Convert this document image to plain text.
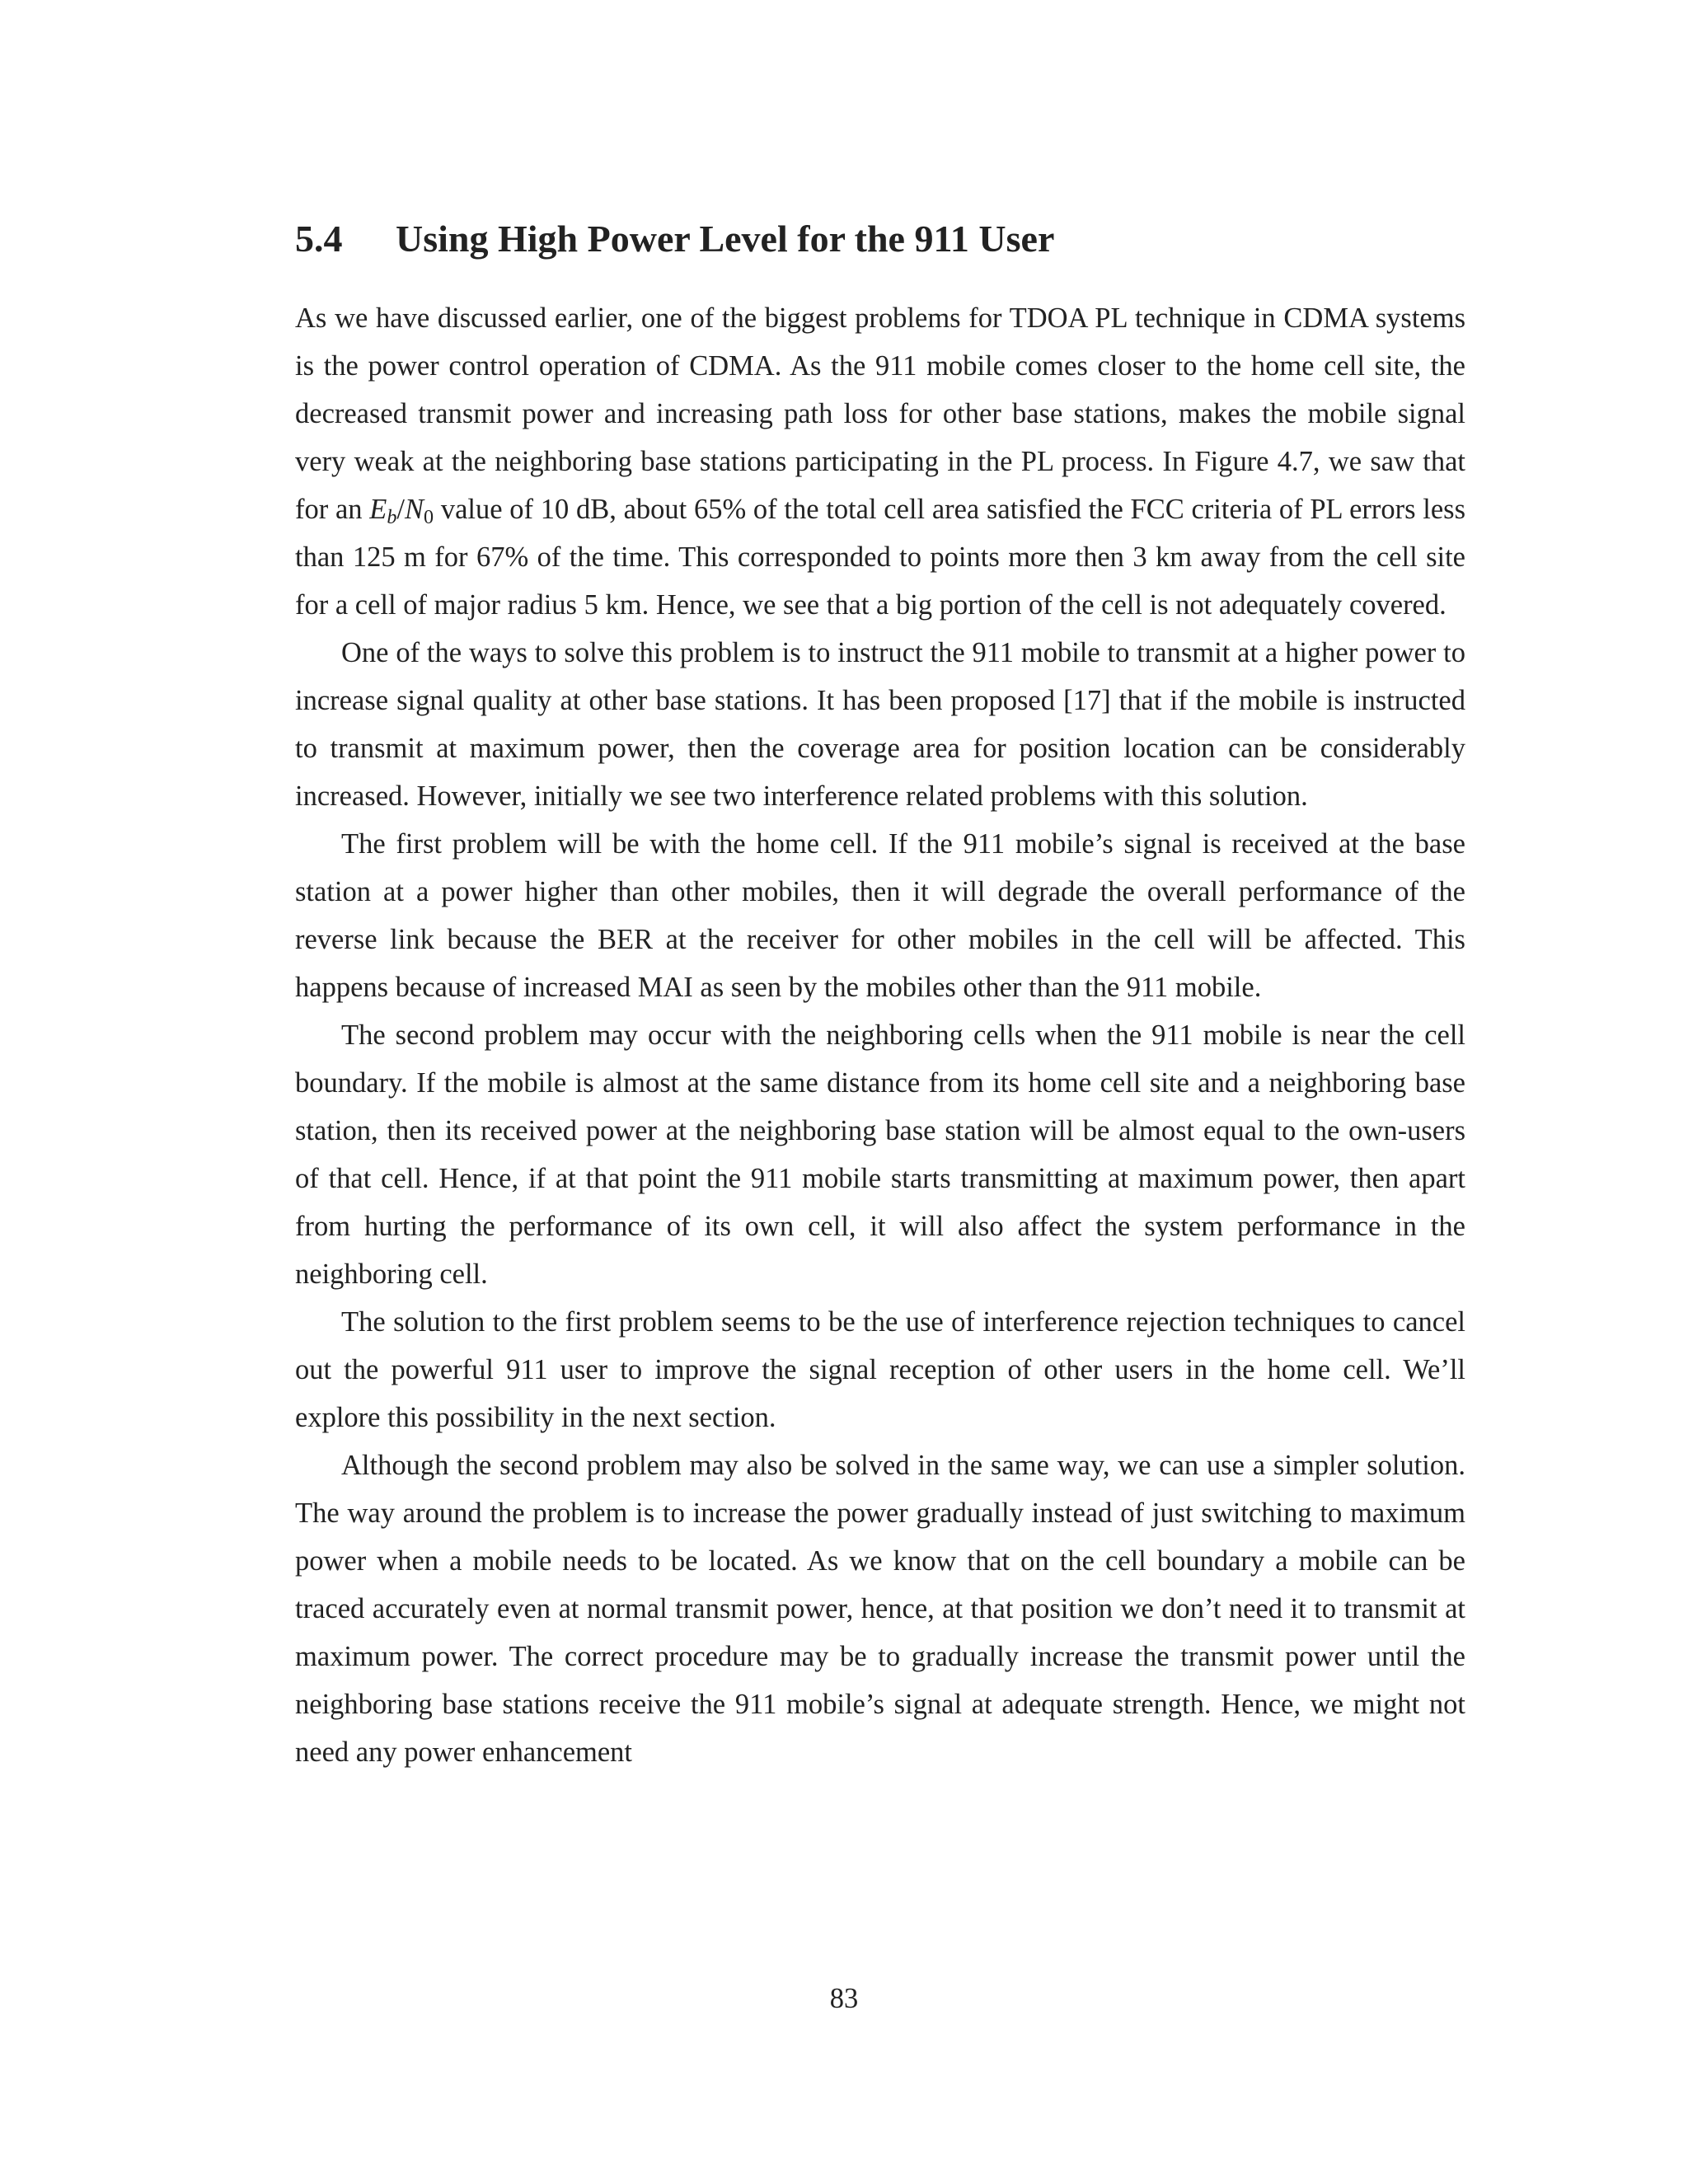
5.4	Using High Power Level for the 911 User

As we have discussed earlier, one of the biggest problems for TDOA PL technique in CDMA systems is the power control operation of CDMA. As the 911 mobile comes closer to the home cell site, the decreased transmit power and increasing path loss for other base stations, makes the mobile signal very weak at the neighboring base stations participating in the PL process. In Figure 4.7, we saw that for an $E_b/N_0$ value of 10 dB, about 65% of the total cell area satisfied the FCC criteria of PL errors less than 125 m for 67% of the time. This corresponded to points more then 3 km away from the cell site for a cell of major radius 5 km. Hence, we see that a big portion of the cell is not adequately covered.

One of the ways to solve this problem is to instruct the 911 mobile to transmit at a higher power to increase signal quality at other base stations. It has been proposed [17] that if the mobile is instructed to transmit at maximum power, then the coverage area for position location can be considerably increased. However, initially we see two interference related problems with this solution.

The first problem will be with the home cell. If the 911 mobile’s signal is received at the base station at a power higher than other mobiles, then it will degrade the overall performance of the reverse link because the BER at the receiver for other mobiles in the cell will be affected. This happens because of increased MAI as seen by the mobiles other than the 911 mobile.

The second problem may occur with the neighboring cells when the 911 mobile is near the cell boundary. If the mobile is almost at the same distance from its home cell site and a neighboring base station, then its received power at the neighboring base station will be almost equal to the own-users of that cell. Hence, if at that point the 911 mobile starts transmitting at maximum power, then apart from hurting the performance of its own cell, it will also affect the system performance in the neighboring cell.

The solution to the first problem seems to be the use of interference rejection techniques to cancel out the powerful 911 user to improve the signal reception of other users in the home cell. We’ll explore this possibility in the next section.

Although the second problem may also be solved in the same way, we can use a simpler solution. The way around the problem is to increase the power gradually instead of just switching to maximum power when a mobile needs to be located. As we know that on the cell boundary a mobile can be traced accurately even at normal transmit power, hence, at that position we don’t need it to transmit at maximum power. The correct procedure may be to gradually increase the transmit power until the neighboring base stations receive the 911 mobile’s signal at adequate strength. Hence, we might not need any power enhancement

83
